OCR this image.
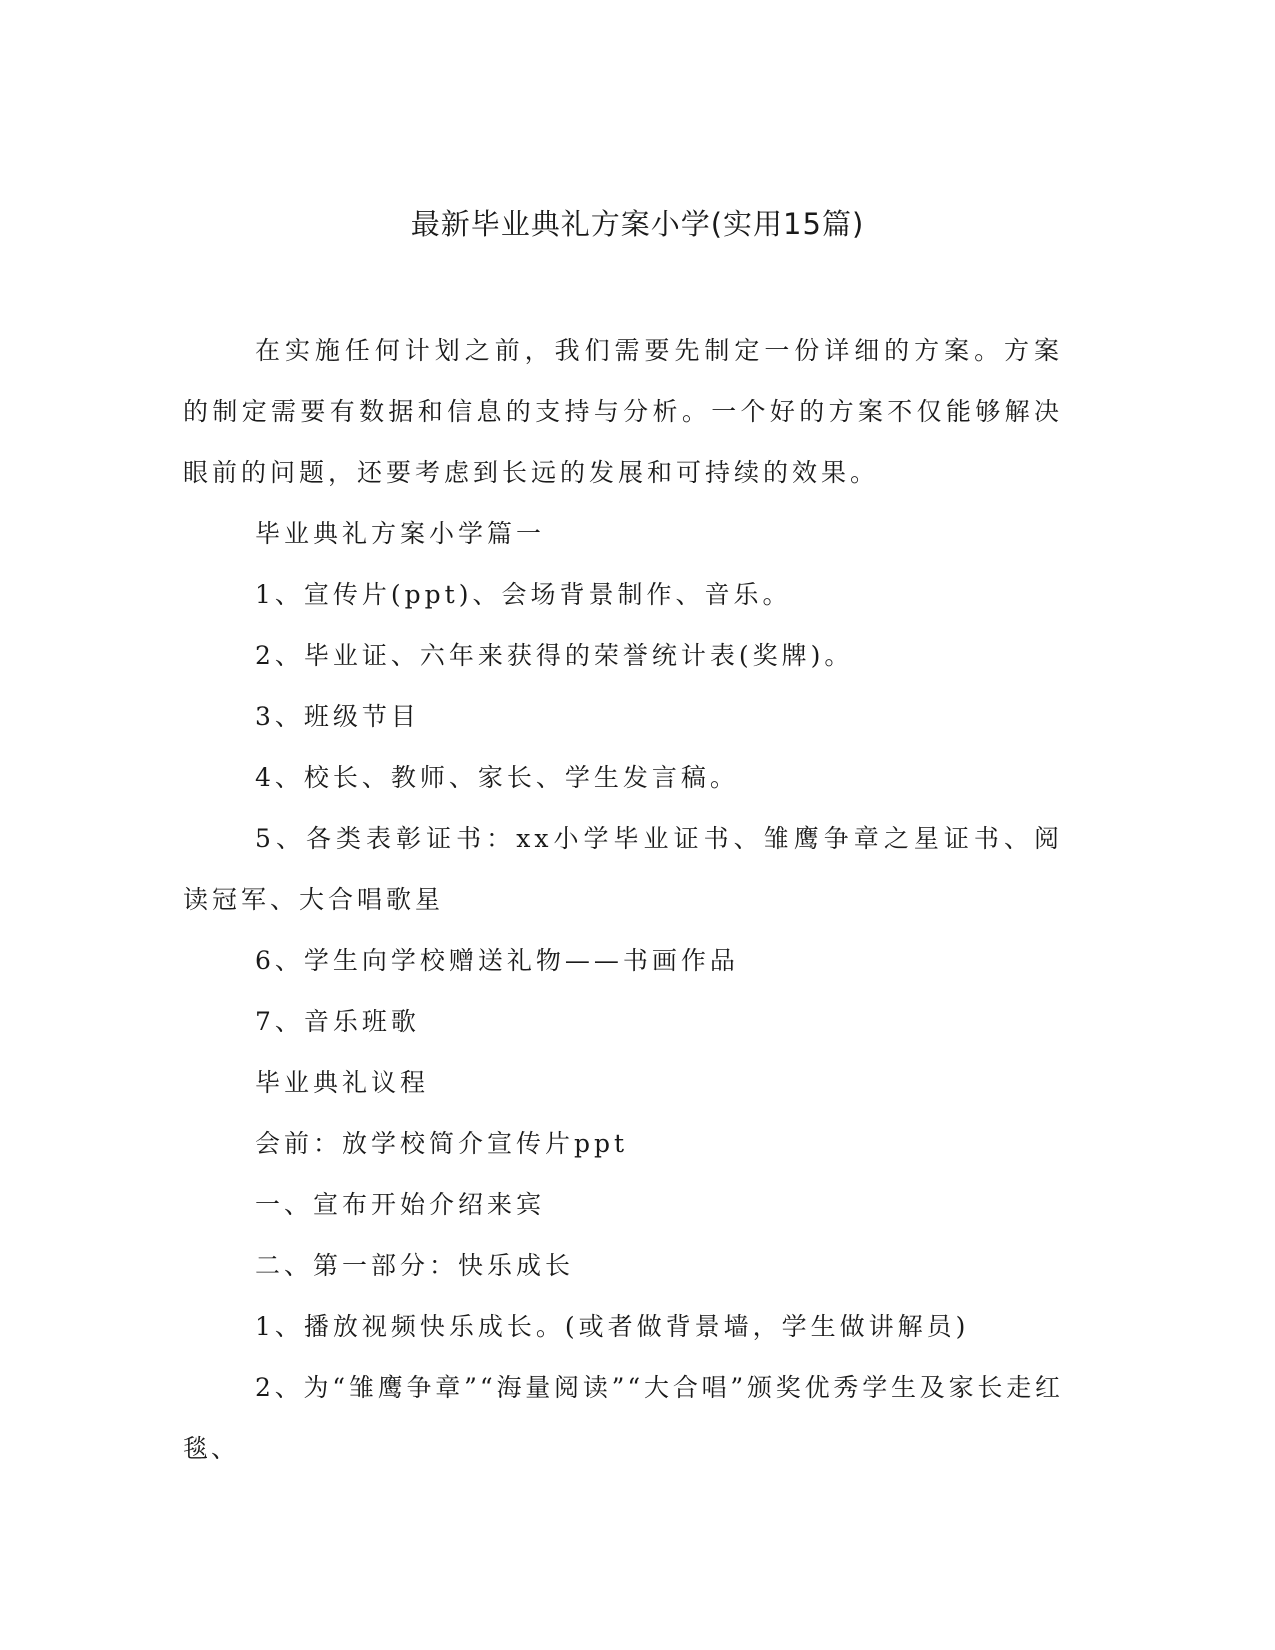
最新毕业典礼方案小学(实用15篇)

在实施任何计划之前，我们需要先制定一份详细的方案。方案的制定需要有数据和信息的支持与分析。一个好的方案不仅能够解决眼前的问题，还要考虑到长远的发展和可持续的效果。

毕业典礼方案小学篇一

1、宣传片(ppt)、会场背景制作、音乐。

2、毕业证、六年来获得的荣誉统计表(奖牌)。

3、班级节目

4、校长、教师、家长、学生发言稿。

5、各类表彰证书：xx小学毕业证书、雏鹰争章之星证书、阅读冠军、大合唱歌星

6、学生向学校赠送礼物——书画作品

7、音乐班歌

毕业典礼议程

会前：放学校简介宣传片ppt

一、宣布开始介绍来宾

二、第一部分：快乐成长

1、播放视频快乐成长。(或者做背景墙，学生做讲解员)

2、为“雏鹰争章”“海量阅读”“大合唱”颁奖优秀学生及家长走红毯、
